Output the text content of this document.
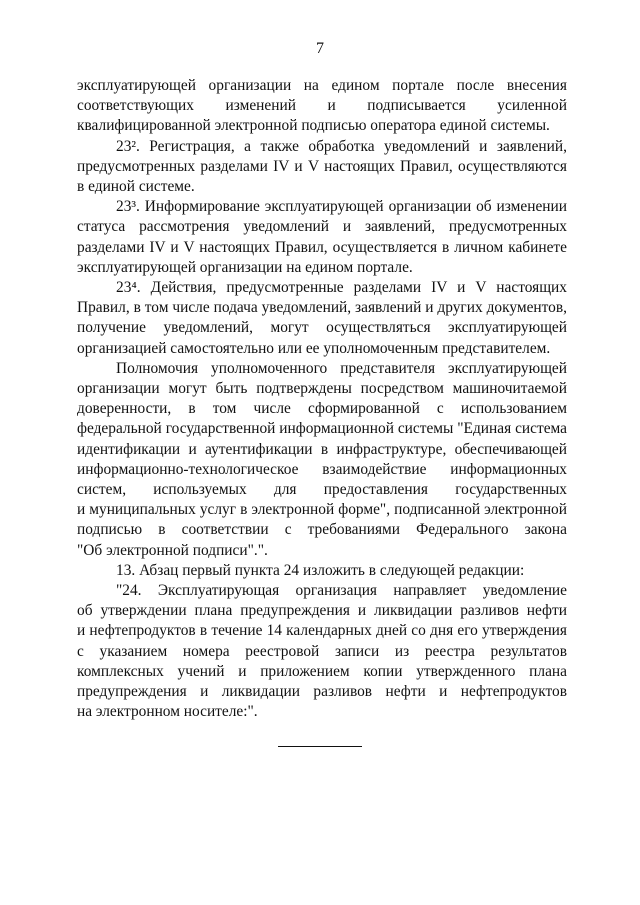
7
эксплуатирующей организации на едином портале после внесения
соответствующих изменений и подписывается усиленной
квалифицированной электронной подписью оператора единой системы.
23². Регистрация, а также обработка уведомлений и заявлений,
предусмотренных разделами IV и V настоящих Правил, осуществляются
в единой системе.
23³. Информирование эксплуатирующей организации об изменении
статуса рассмотрения уведомлений и заявлений, предусмотренных
разделами IV и V настоящих Правил, осуществляется в личном кабинете
эксплуатирующей организации на едином портале.
23⁴. Действия, предусмотренные разделами IV и V настоящих
Правил, в том числе подача уведомлений, заявлений и других документов,
получение уведомлений, могут осуществляться эксплуатирующей
организацией самостоятельно или ее уполномоченным представителем.
Полномочия уполномоченного представителя эксплуатирующей
организации могут быть подтверждены посредством машиночитаемой
доверенности, в том числе сформированной с использованием
федеральной государственной информационной системы "Единая система
идентификации и аутентификации в инфраструктуре, обеспечивающей
информационно-технологическое взаимодействие информационных
систем, используемых для предоставления государственных
и муниципальных услуг в электронной форме", подписанной электронной
подписью в соответствии с требованиями Федерального закона
"Об электронной подписи".".
13. Абзац первый пункта 24 изложить в следующей редакции:
"24. Эксплуатирующая организация направляет уведомление
об утверждении плана предупреждения и ликвидации разливов нефти
и нефтепродуктов в течение 14 календарных дней со дня его утверждения
с указанием номера реестровой записи из реестра результатов
комплексных учений и приложением копии утвержденного плана
предупреждения и ликвидации разливов нефти и нефтепродуктов
на электронном носителе:".
